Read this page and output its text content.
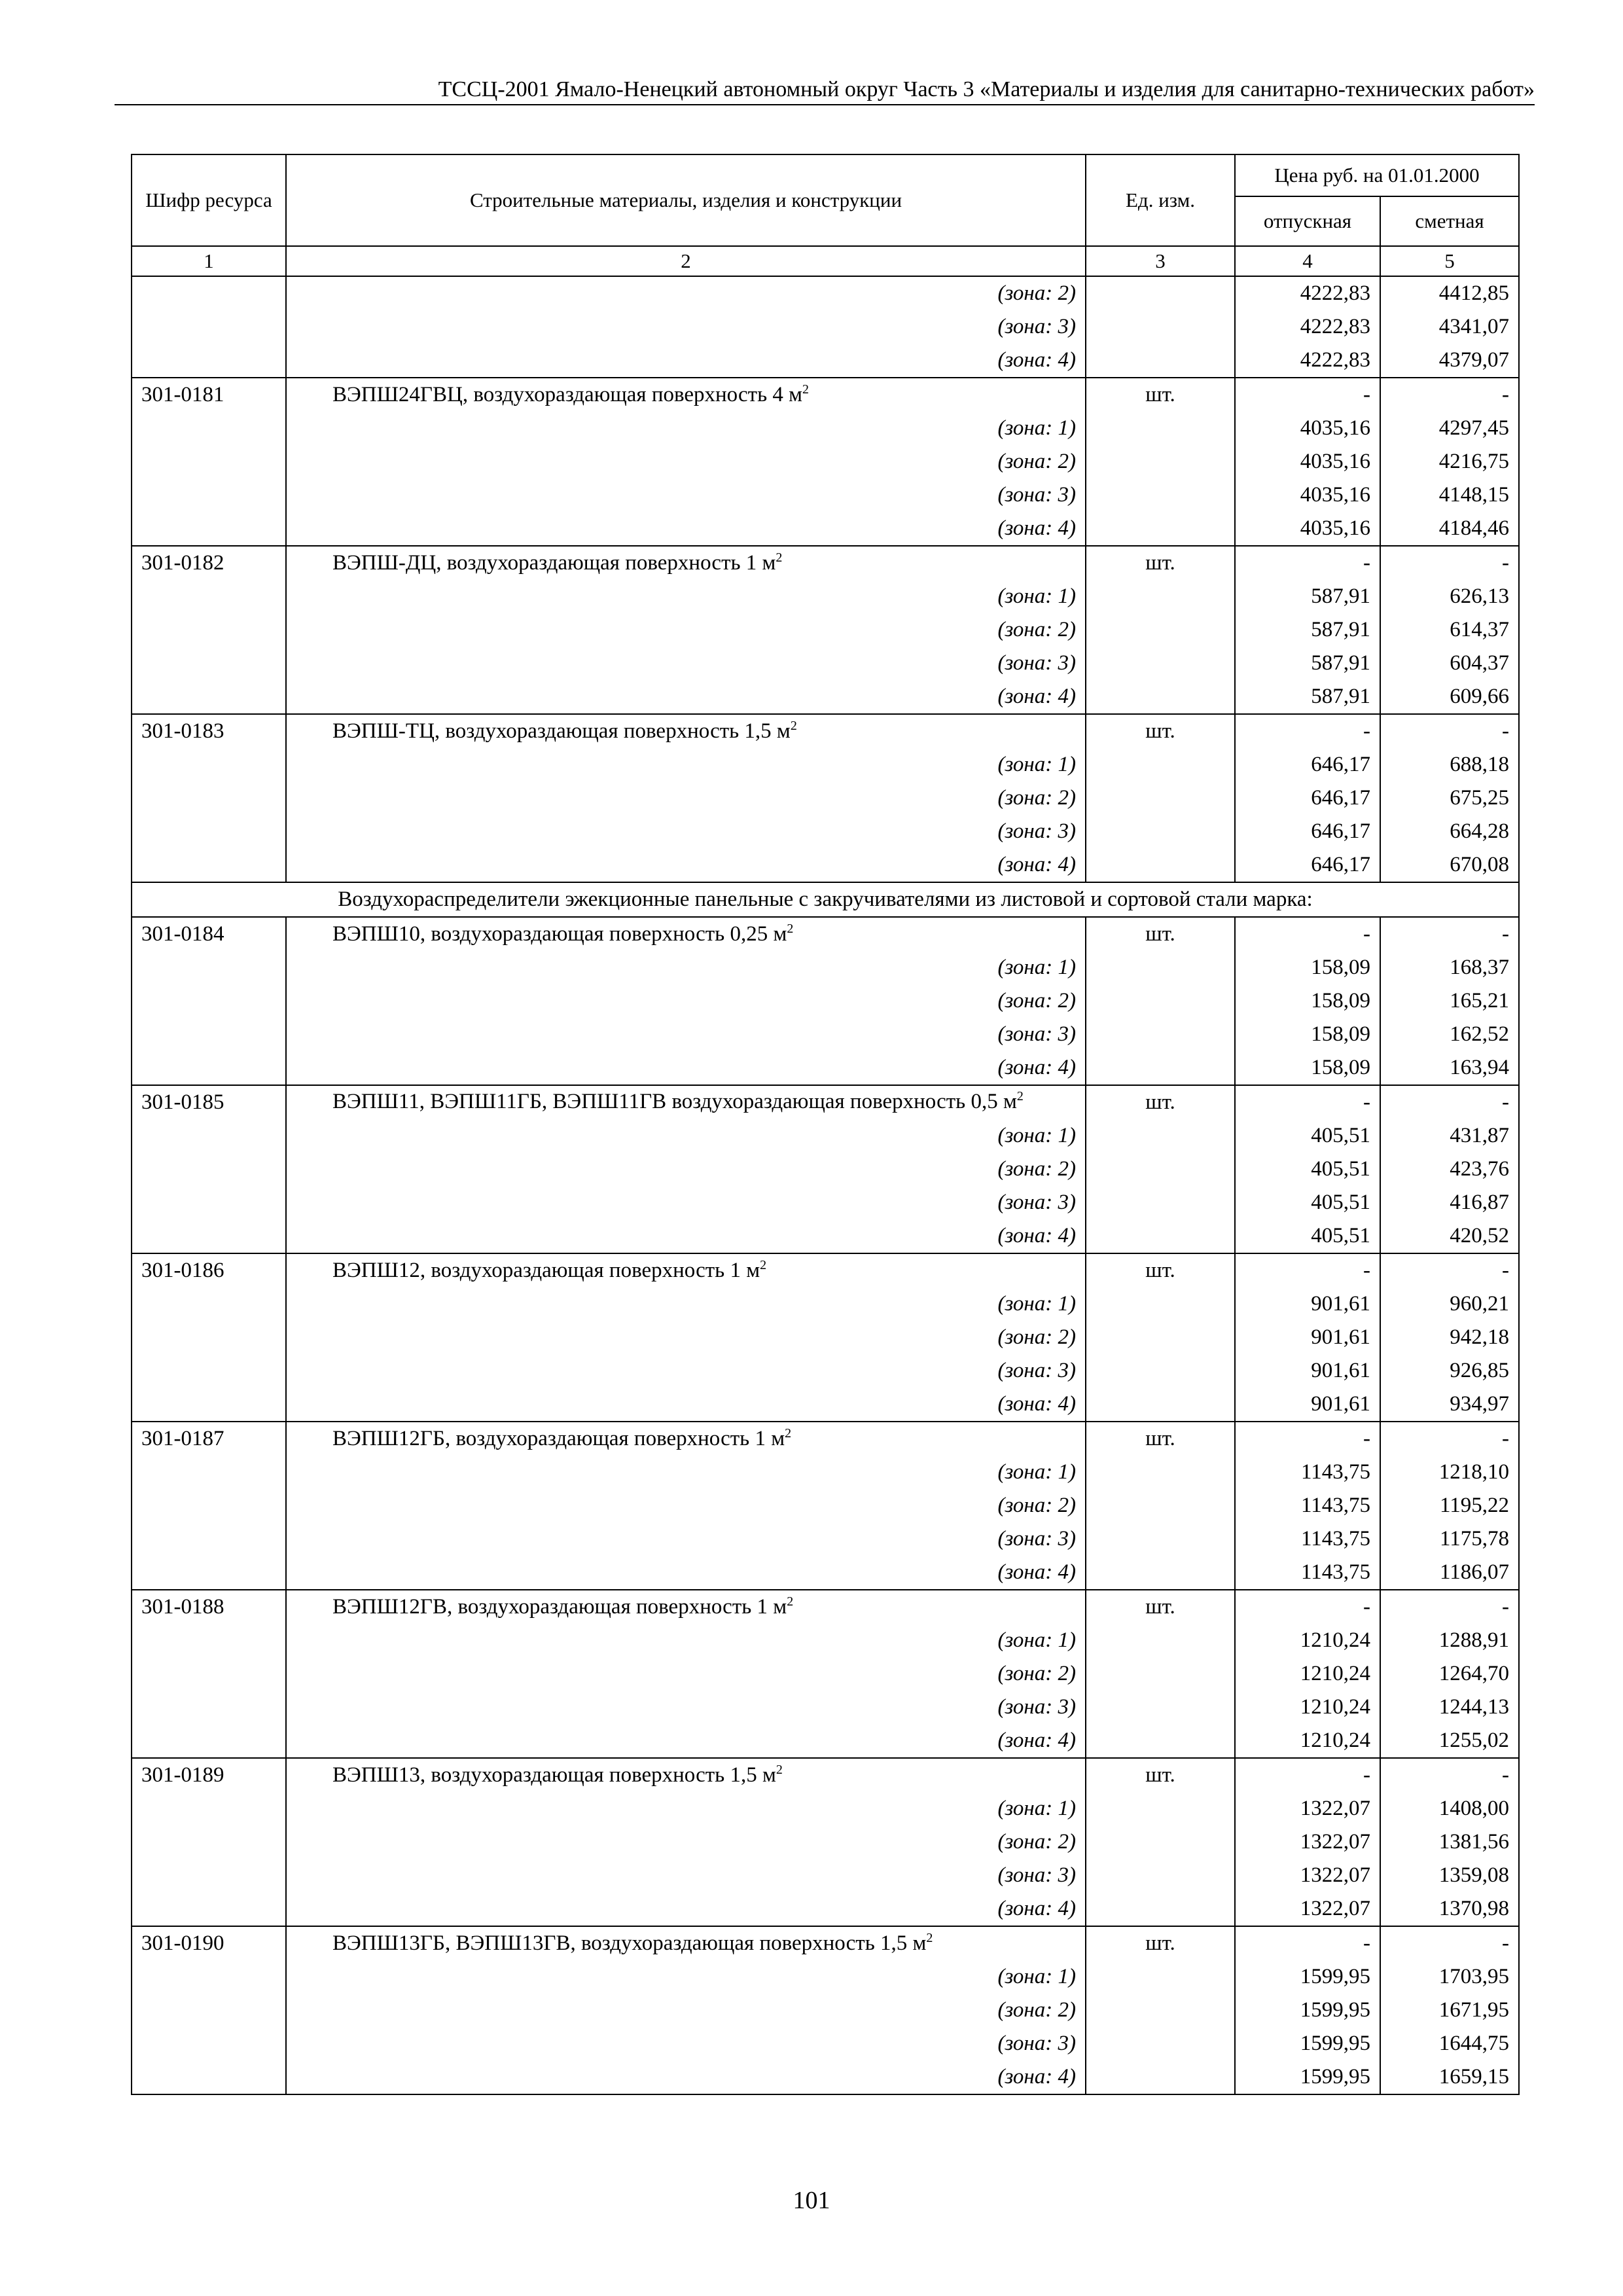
ТССЦ-2001 Ямало-Ненецкий автономный округ Часть 3 «Материалы и изделия для санитарно-технических работ»
Шифр ресурса	Строительные материалы, изделия и конструкции	Ед. изм.	Цена руб. на 01.01.2000	
			отпускная	сметная
1	2	3	4	5
	(зона: 2)		4222,83	4412,85
	(зона: 3)		4222,83	4341,07
	(зона: 4)		4222,83	4379,07
301-0181	ВЭПШ24ГВЦ, воздухораздающая поверхность 4 $м^2$	шт.	-	-
	(зона: 1)		4035,16	4297,45
	(зона: 2)		4035,16	4216,75
	(зона: 3)		4035,16	4148,15
	(зона: 4)		4035,16	4184,46
301-0182	ВЭПШ-ДЦ, воздухораздающая поверхность 1 $м^2$	шт.	-	-
	(зона: 1)		587,91	626,13
	(зона: 2)		587,91	614,37
	(зона: 3)		587,91	604,37
	(зона: 4)		587,91	609,66
301-0183	ВЭПШ-ТЦ, воздухораздающая поверхность 1,5 $м^2$	шт.	-	-
	(зона: 1)		646,17	688,18
	(зона: 2)		646,17	675,25
	(зона: 3)		646,17	664,28
	(зона: 4)		646,17	670,08
Воздухораспределители эжекционные панельные с закручивателями из листовой и сортовой стали марка:				
301-0184	ВЭПШ10, воздухораздающая поверхность 0,25 $м^2$	шт.	-	-
	(зона: 1)		158,09	168,37
	(зона: 2)		158,09	165,21
	(зона: 3)		158,09	162,52
	(зона: 4)		158,09	163,94
301-0185	ВЭПШ11, ВЭПШ11ГБ, ВЭПШ11ГВ воздухораздающая поверхность 0,5 $м^2$	шт.	-	-
	(зона: 1)		405,51	431,87
	(зона: 2)		405,51	423,76
	(зона: 3)		405,51	416,87
	(зона: 4)		405,51	420,52
301-0186	ВЭПШ12, воздухораздающая поверхность 1 $м^2$	шт.	-	-
	(зона: 1)		901,61	960,21
	(зона: 2)		901,61	942,18
	(зона: 3)		901,61	926,85
	(зона: 4)		901,61	934,97
301-0187	ВЭПШ12ГБ, воздухораздающая поверхность 1 $м^2$	шт.	-	-
	(зона: 1)		1143,75	1218,10
	(зона: 2)		1143,75	1195,22
	(зона: 3)		1143,75	1175,78
	(зона: 4)		1143,75	1186,07
301-0188	ВЭПШ12ГВ, воздухораздающая поверхность 1 $м^2$	шт.	-	-
	(зона: 1)		1210,24	1288,91
	(зона: 2)		1210,24	1264,70
	(зона: 3)		1210,24	1244,13
	(зона: 4)		1210,24	1255,02
301-0189	ВЭПШ13, воздухораздающая поверхность 1,5 $м^2$	шт.	-	-
	(зона: 1)		1322,07	1408,00
	(зона: 2)		1322,07	1381,56
	(зона: 3)		1322,07	1359,08
	(зона: 4)		1322,07	1370,98
301-0190	ВЭПШ13ГБ, ВЭПШ13ГВ, воздухораздающая поверхность 1,5 $м^2$	шт.	-	-
	(зона: 1)		1599,95	1703,95
	(зона: 2)		1599,95	1671,95
	(зона: 3)		1599,95	1644,75
	(зона: 4)		1599,95	1659,15
101
